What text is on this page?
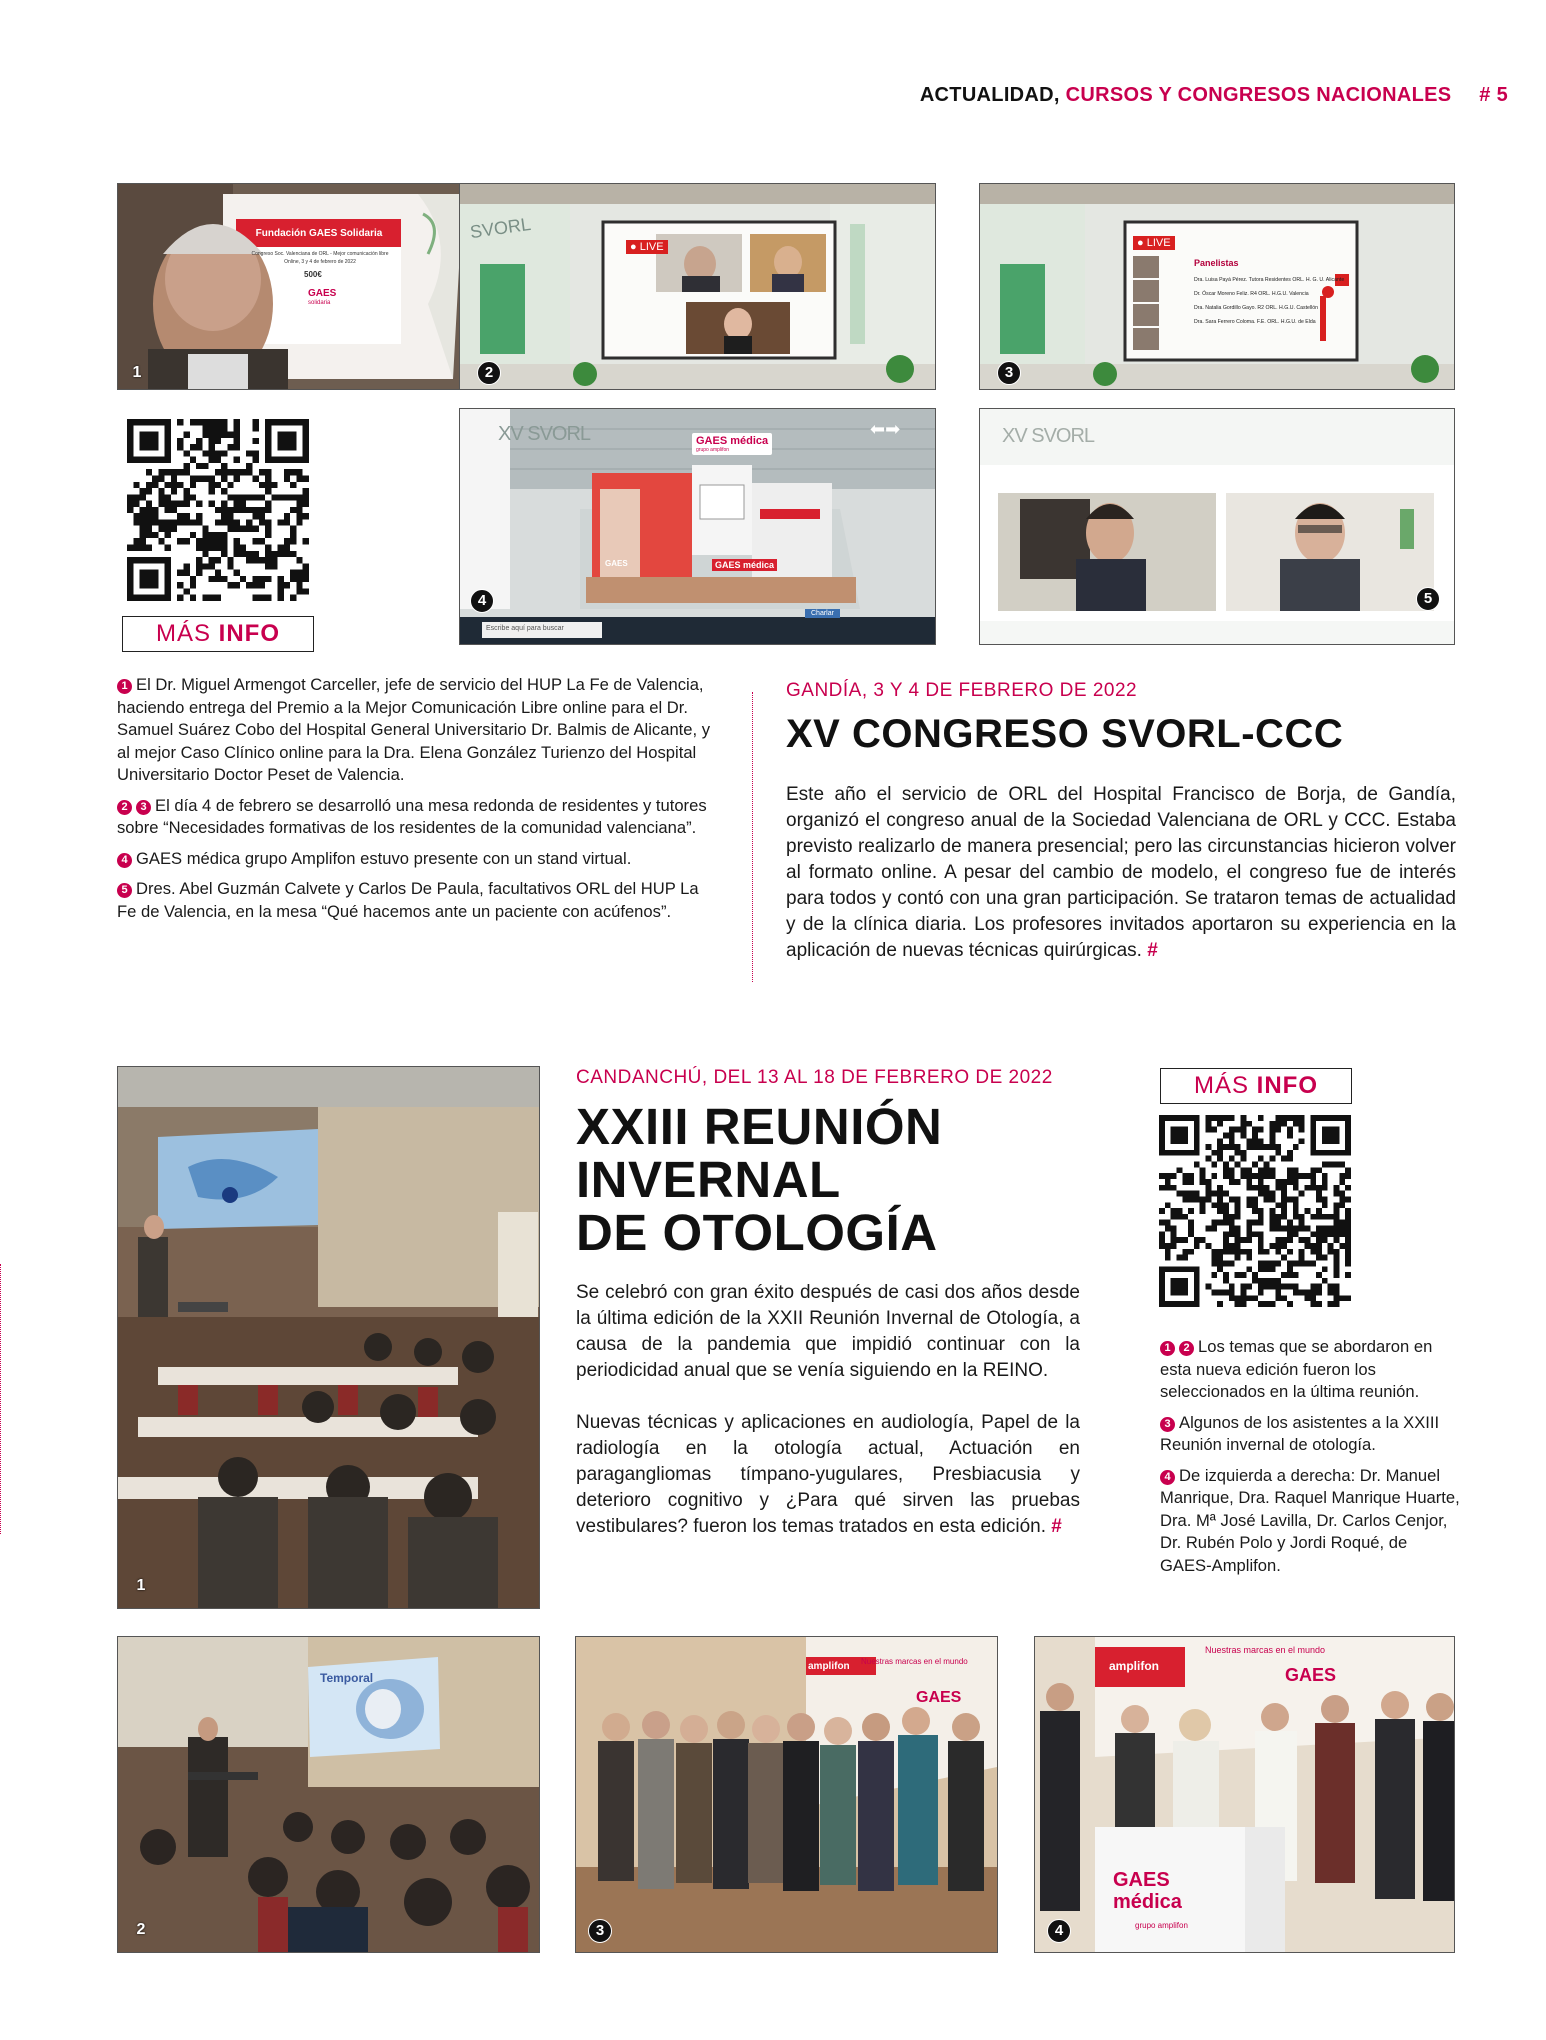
ACTUALIDAD, CURSOS Y CONGRESOS NACIONALES # 5
Fundación GAES Solidaria
Congreso Soc. Valenciana de ORL - Mejor comunicación libre
Online, 3 y 4 de febrero de 2022
500€
GAES
solidaria
1
SVORL
● LIVE
2
● LIVE
Panelistas
Dra. Luisa Payá Pérez. Tutora Residentes ORL. H. G. U. Alicante
Dr. Óscar Moreno Feliz. R4 ORL. H.G.U. Valencia
Dra. Natalia Gordillo Gayo. R2 ORL. H.G.U. Castellón
Dra. Sara Ferrero Coloma. F.E. ORL. H.G.U. de Elda
3
MÁS INFO
XV SVORL	GAES médica
grupo amplifon
GAES	GAES médica
⬅➡
Escribe aquí para buscar
Charlar
4
XV SVORL
5

1 El Dr. Miguel Armengot Carceller, jefe de servicio del HUP La Fe de Valencia, haciendo entrega del Premio a la Mejor Comunicación Libre online para el Dr. Samuel Suárez Cobo del Hospital General Universitario Dr. Balmis de Alicante, y al mejor Caso Clínico online para la Dra. Elena González Turienzo del Hospital Universitario Doctor Peset de Valencia.

2 3 El día 4 de febrero se desarrolló una mesa redonda de residentes y tutores sobre “Necesidades formativas de los residentes de la comunidad valenciana”.

4 GAES médica grupo Amplifon estuvo presente con un stand virtual.

5 Dres. Abel Guzmán Calvete y Carlos De Paula, facultativos ORL del HUP La Fe de Valencia, en la mesa “Qué hacemos ante un paciente con acúfenos”.

GANDÍA, 3 Y 4 DE FEBRERO DE 2022
XV CONGRESO SVORL-CCC

Este año el servicio de ORL del Hospital Francisco de Borja, de Gandía, organizó el congreso anual de la Sociedad Valenciana de ORL y CCC. Estaba previsto realizarlo de manera presencial; pero las circunstancias hicieron volver al formato online. A pesar del cambio de modelo, el congreso fue de interés para todos y contó con una gran participación. Se trataron temas de actualidad y de la clínica diaria. Los profesores invitados aportaron su experiencia en la aplicación de nuevas técnicas quirúrgicas. #

1
CANDANCHÚ, DEL 13 AL 18 DE FEBRERO DE 2022
XXIII REUNIÓN
INVERNAL
DE OTOLOGÍA

Se celebró con gran éxito después de casi dos años desde la última edición de la XXII Reunión Invernal de Otología, a causa de la pandemia que impidió continuar con la periodicidad anual que se venía siguiendo en la REINO.

Nuevas técnicas y aplicaciones en audiología, Papel de la radiología en la otología actual, Actuación en paragangliomas tímpano-yugulares, Presbiacusia y deterioro cognitivo y ¿Para qué sirven las pruebas vestibulares? fueron los temas tratados en esta edición. #

MÁS INFO

1 2 Los temas que se abordaron en esta nueva edición fueron los seleccionados en la última reunión.

3 Algunos de los asistentes a la XXIII Reunión invernal de otología.

4 De izquierda a derecha: Dr. Manuel Manrique, Dra. Raquel Manrique Huarte, Dra. Mª José Lavilla, Dr. Carlos Cenjor, Dr. Rubén Polo y Jordi Roqué, de GAES-Amplifon.

Temporal
2
amplifon Nuestras marcas en el mundo
GAES
3
amplifon
Nuestras marcas en el mundo
GAES
GAES médica
grupo amplifon
4
